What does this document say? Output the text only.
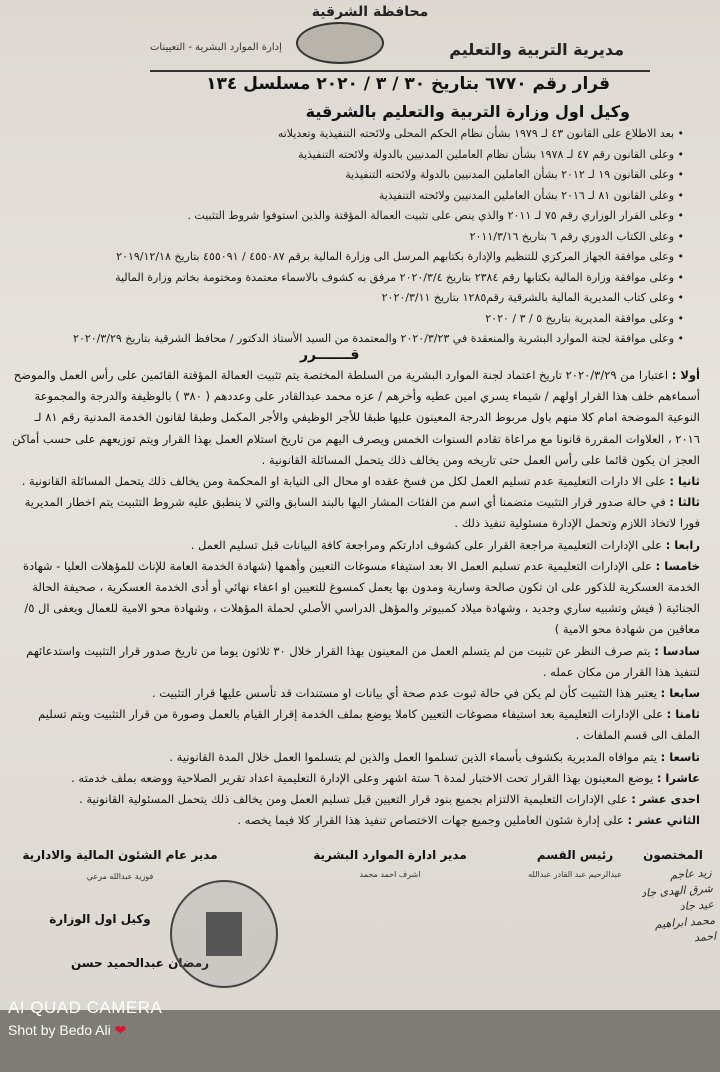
محافظة الشرقية
مديرية التربية والتعليم
إدارة الموارد البشرية - التعيينات
قرار رقم ٦٧٧٠ بتاريخ ٣٠ / ٣ / ٢٠٢٠ مسلسل ١٣٤
وكيل اول وزارة التربية والتعليم بالشرقية
• بعد الاطلاع على القانون ٤٣ لـ ١٩٧٩ بشأن نظام الحكم المحلى ولائحته التنفيذية وتعديلاته
• وعلى القانون رقم ٤٧ لـ ١٩٧٨ بشأن نظام العاملين المدنيين بالدولة ولائحته التنفيذية
• وعلى القانون ١٩ لـ ٢٠١٢ بشأن العاملين المدنيين بالدولة ولائحته التنفيذية
• وعلى القانون ٨١ لـ ٢٠١٦ بشأن العاملين المدنيين ولائحته التنفيذية
• وعلى القرار الوزاري رقم ٧٥ لـ ٢٠١١ والذي ينص على تثبيت العمالة المؤقتة والذين استوفوا شروط التثبيت .
• وعلى الكتاب الدوري رقم ٦ بتاريخ ٢٠١١/٣/١٦
• وعلى موافقة الجهاز المركزي للتنظيم والإدارة بكتابهم المرسل الى وزارة المالية برقم ٤٥٥٠٨٧ / ٤٥٥٠٩١ بتاريخ ٢٠١٩/١٢/١٨
• وعلى موافقة وزارة المالية بكتابها رقم ٢٣٨٤ بتاريخ ٢٠٢٠/٣/٤ مرفق به كشوف بالاسماء معتمدة ومختومة بخاتم وزارة المالية
• وعلى كتاب المديرية المالية بالشرقية رقم١٢٨٥ بتاريخ ٢٠٢٠/٣/١١
• وعلى موافقة المديرية بتاريخ ٥ / ٣ / ٢٠٢٠
• وعلى موافقة لجنة الموارد البشرية والمنعقدة في ٢٠٢٠/٣/٢٣ والمعتمدة من السيد الأستاذ الدكتور / محافظ الشرقية بتاريخ ٢٠٢٠/٣/٢٩
قـــــــرر

أولا : اعتبارا من ٢٠٢٠/٣/٢٩ تاريخ اعتماد لجنة الموارد البشرية من السلطة المختصة يتم تثبيت العمالة المؤقتة القائمين على رأس العمل والموضح أسماءهم خلف هذا القرار اولهم / شيماء يسري امين عطيه وأخرهم / عزه محمد عبدالقادر على وعددهم ( ٣٨٠ ) بالوظيفة والدرجة والمجموعة النوعية الموضحة امام كلا منهم باول مربوط الدرجة المعينون عليها طبقا للأجر الوظيفي والأجر المكمل وطبقا لقانون الخدمة المدنية رقم ٨١ لـ ٢٠١٦ ، العلاوات المقررة قانونا مع مراعاة تقادم السنوات الخمس ويصرف اليهم من تاريخ استلام العمل بهذا القرار ويتم توزيعهم على حسب أماكن العجز ان يكون قائما على رأس العمل حتى تاريخه ومن يخالف ذلك يتحمل المسائلة القانونية .

ثانيا : على الا دارات التعليمية عدم تسليم العمل لكل من فسخ عقده او محال الى النيابة او المحكمة ومن يخالف ذلك يتحمل المسائلة القانونية .

ثالثا : في حالة صدور قرار التثبيت متضمنا أي اسم من الفئات المشار اليها بالبند السابق والتي لا ينطبق عليه شروط التثبيت يتم اخطار المديرية فورا لاتخاذ اللازم وتحمل الإدارة مسئولية تنفيذ ذلك .

رابعا : على الإدارات التعليمية مراجعة القرار على كشوف ادارتكم ومراجعة كافة البيانات قبل تسليم العمل .

خامسا : على الإدارات التعليمية عدم تسليم العمل الا بعد استيفاء مسوغات التعيين وأهمها (شهادة الخدمة العامة للإناث للمؤهلات العليا - شهادة الخدمة العسكرية للذكور على ان تكون صالحة وسارية ومدون بها يعمل كمسوغ للتعيين او اعفاء نهائي أو أدى الخدمة العسكرية ، صحيفة الحالة الجنائية ( فيش وتشبيه ساري وجديد ، وشهادة ميلاد كمبيوتر والمؤهل الدراسي الأصلي لحملة المؤهلات ، وشهادة محو الامية للعمال ويعفى ال ٥/ معاقين من شهادة محو الامية )

سادسا : يتم صرف النظر عن تثبيت من لم يتسلم العمل من المعينون بهذا القرار خلال ٣٠ ثلاثون يوما من تاريخ صدور قرار التثبيت واستدعائهم لتنفيذ هذا القرار من مكان عمله .

سابعا : يعتبر هذا التثبيت كأن لم يكن في حالة ثبوت عدم صحة أي بيانات او مستندات قد تأسس عليها قرار التثبيت .

ثامنا : على الإدارات التعليمية بعد استيفاء مصوغات التعيين كاملا يوضع بملف الخدمة إقرار القيام بالعمل وصورة من قرار التثبيت ويتم تسليم الملف الى قسم الملفات .

تاسعا : يتم موافاه المديرية بكشوف بأسماء الذين تسلموا العمل والذين لم يتسلموا العمل خلال المدة القانونية .

عاشرا : يوضع المعينون بهذا القرار تحت الاختبار لمدة ٦ ستة اشهر وعلى الإدارة التعليمية اعداد تقرير الصلاحية ووضعه بملف خدمته .

احدى عشر : على الإدارات التعليمية الالتزام بجميع بنود قرار التعيين قبل تسليم العمل ومن يخالف ذلك يتحمل المسئولية القانونية .

الثاني عشر : على إدارة شئون العاملين وجميع جهات الاختصاص تنفيذ هذا القرار كلا فيما يخصه .

المختصون
رئيس القسم
عبدالرحيم عبد القادر عبدالله
مدير ادارة الموارد البشرية
اشرف احمد محمد
مدير عام الشئون المالية والادارية
فوزية عبدالله مرعي
وكيل اول الوزارة
رمضان عبدالحميد حسن
زيد عاجم
شرق الهدى جاد
عيد جاد
محمد ابراهيم
احمد
AI QUAD CAMERA
Shot by Bedo Ali ❤
